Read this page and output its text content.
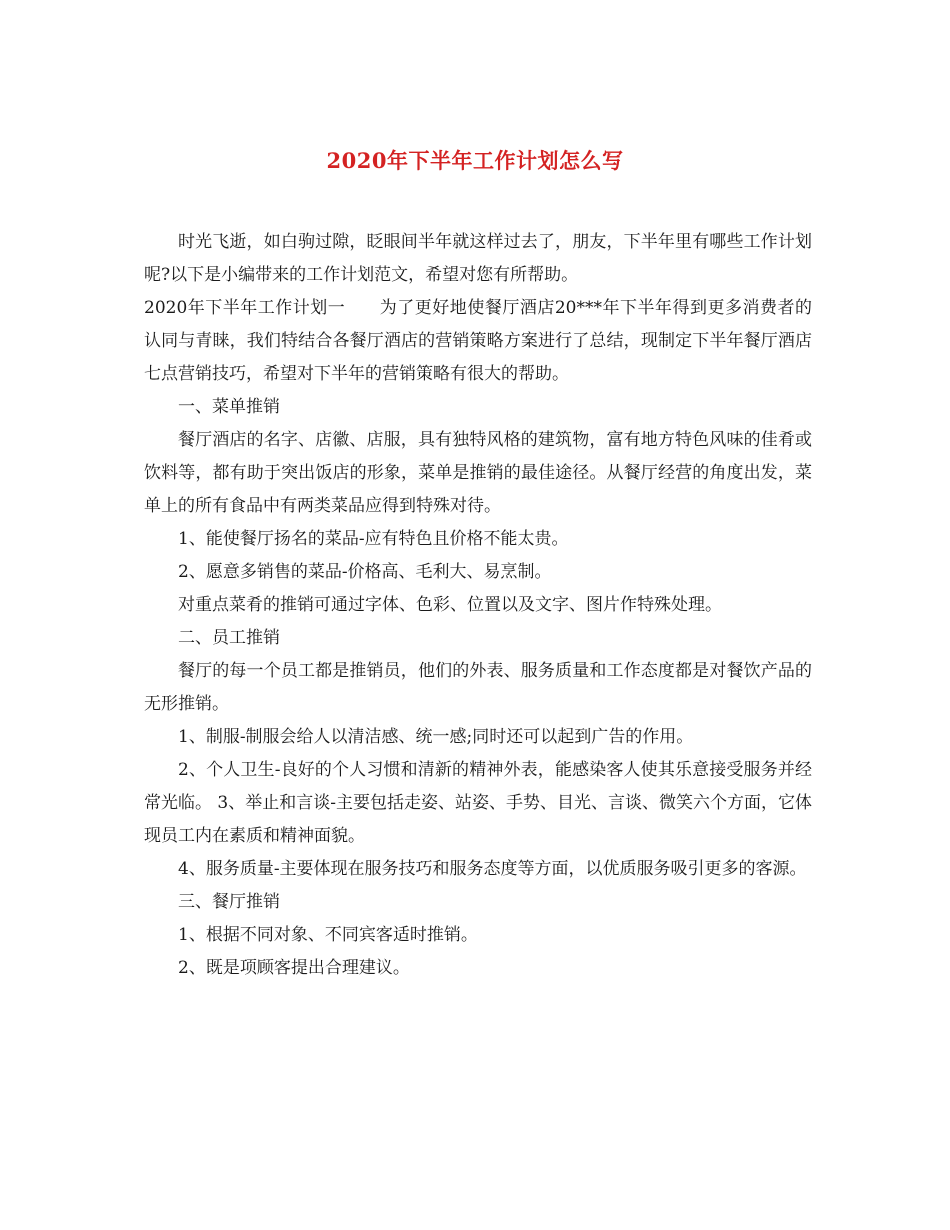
2020年下半年工作计划怎么写

时光飞逝，如白驹过隙，眨眼间半年就这样过去了，朋友，下半年里有哪些工作计划呢?以下是小编带来的工作计划范文，希望对您有所帮助。

2020年下半年工作计划一 为了更好地使餐厅酒店20***年下半年得到更多消费者的认同与青睐，我们特结合各餐厅酒店的营销策略方案进行了总结，现制定下半年餐厅酒店七点营销技巧，希望对下半年的营销策略有很大的帮助。

一、菜单推销

餐厅酒店的名字、店徽、店服，具有独特风格的建筑物，富有地方特色风味的佳肴或饮料等，都有助于突出饭店的形象，菜单是推销的最佳途径。从餐厅经营的角度出发，菜单上的所有食品中有两类菜品应得到特殊对待。

1、能使餐厅扬名的菜品-应有特色且价格不能太贵。

2、愿意多销售的菜品-价格高、毛利大、易烹制。

对重点菜肴的推销可通过字体、色彩、位置以及文字、图片作特殊处理。

二、员工推销

餐厅的每一个员工都是推销员，他们的外表、服务质量和工作态度都是对餐饮产品的无形推销。

1、制服-制服会给人以清洁感、统一感;同时还可以起到广告的作用。

2、个人卫生-良好的个人习惯和清新的精神外表，能感染客人使其乐意接受服务并经常光临。 3、举止和言谈-主要包括走姿、站姿、手势、目光、言谈、微笑六个方面，它体现员工内在素质和精神面貌。

4、服务质量-主要体现在服务技巧和服务态度等方面，以优质服务吸引更多的客源。

三、餐厅推销

1、根据不同对象、不同宾客适时推销。

2、既是项顾客提出合理建议。
